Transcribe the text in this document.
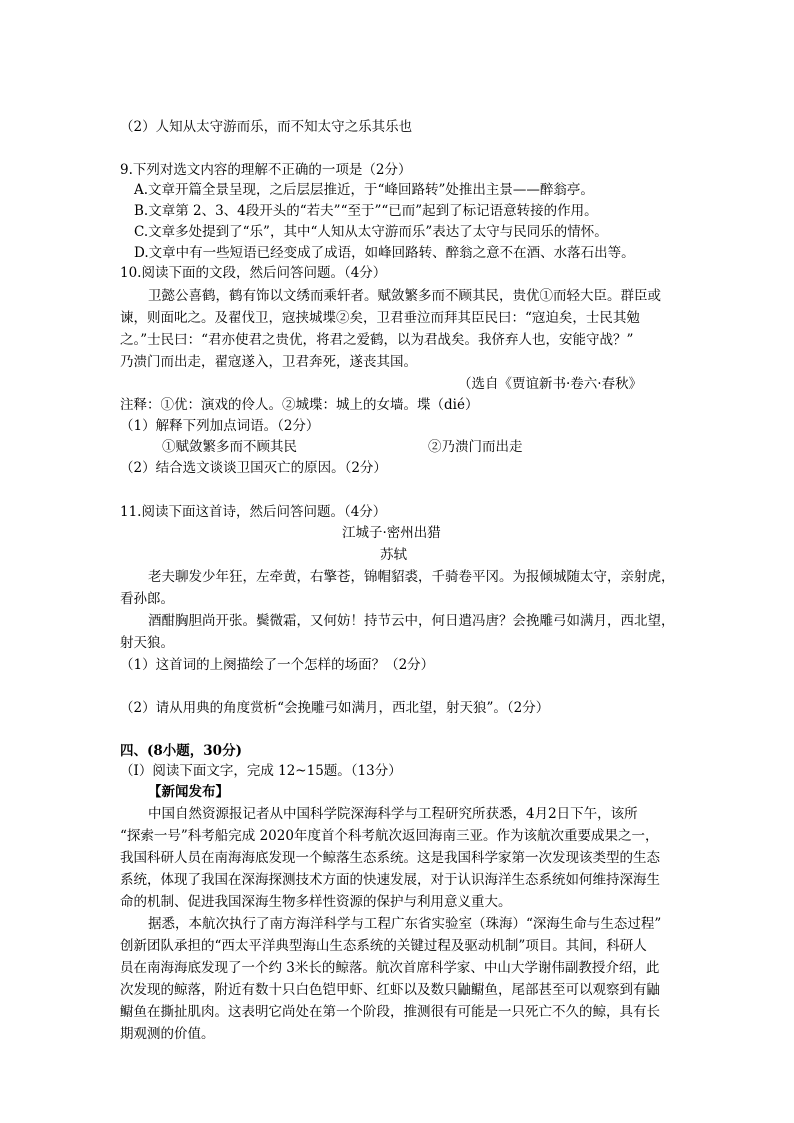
（2）人知从太守游而乐，而不知太守之乐其乐也
9.下列对选文内容的理解不正确的一项是（2分）
A.文章开篇全景呈现，之后层层推近，于“峰回路转”处推出主景——醉翁亭。
B.文章第 2、3、4段开头的“若夫”“至于”“已而”起到了标记语意转接的作用。
C.文章多处提到了“乐”，其中“人知从太守游而乐”表达了太守与民同乐的情怀。
D.文章中有一些短语已经变成了成语，如峰回路转、醉翁之意不在酒、水落石出等。
10.阅读下面的文段，然后问答问题。（4分）
卫懿公喜鹤，鹤有饰以文绣而乘轩者。赋敛繁多而不顾其民，贵优①而轻大臣。群臣或
谏，则面叱之。及翟伐卫，寇挟城堞②矣，卫君垂泣而拜其臣民曰：“寇迫矣，士民其勉
之。”士民曰：“君亦使君之贵优，将君之爱鹤，以为君战矣。我侪弃人也，安能守战？”
乃溃门而出走，翟寇遂入，卫君奔死，遂丧其国。
（选自《贾谊新书·卷六·春秋》
注释：①优：演戏的伶人。②城堞：城上的女墙。堞（dié）
（1）解释下列加点词语。（2分）
①赋敛繁多而不顾其民	②乃溃门而出走
（2）结合选文谈谈卫国灭亡的原因。（2分）
11.阅读下面这首诗，然后问答问题。（4分）
江城子·密州出猎
苏轼
老夫聊发少年狂，左牵黄，右擎苍，锦帽貂裘，千骑卷平冈。为报倾城随太守，亲射虎，
看孙郎。
酒酣胸胆尚开张。鬓微霜，又何妨！持节云中，何日遣冯唐？会挽雕弓如满月，西北望，
射天狼。
（1）这首词的上阕描绘了一个怎样的场面？（2分）
（2）请从用典的角度赏析“会挽雕弓如满月，西北望，射天狼”。（2分）
四、(8小题，30分)
（Ⅰ）阅读下面文字，完成 12~15题。（13分）
【新闻发布】
中国自然资源报记者从中国科学院深海科学与工程研究所获悉，4月2日下午，该所
“探索一号”科考船完成 2020年度首个科考航次返回海南三亚。作为该航次重要成果之一，
我国科研人员在南海海底发现一个鲸落生态系统。这是我国科学家第一次发现该类型的生态
系统，体现了我国在深海探测技术方面的快速发展，对于认识海洋生态系统如何维持深海生
命的机制、促进我国深海生物多样性资源的保护与利用意义重大。
据悉，本航次执行了南方海洋科学与工程广东省实验室（珠海）“深海生命与生态过程”
创新团队承担的“西太平洋典型海山生态系统的关键过程及驱动机制”项目。其间，科研人
员在南海海底发现了一个约 3米长的鲸落。航次首席科学家、中山大学谢伟副教授介绍，此
次发现的鲸落，附近有数十只白色铠甲虾、红虾以及数只鼬鳚鱼，尾部甚至可以观察到有鼬
鳚鱼在撕扯肌肉。这表明它尚处在第一个阶段，推测很有可能是一只死亡不久的鲸，具有长
期观测的价值。
